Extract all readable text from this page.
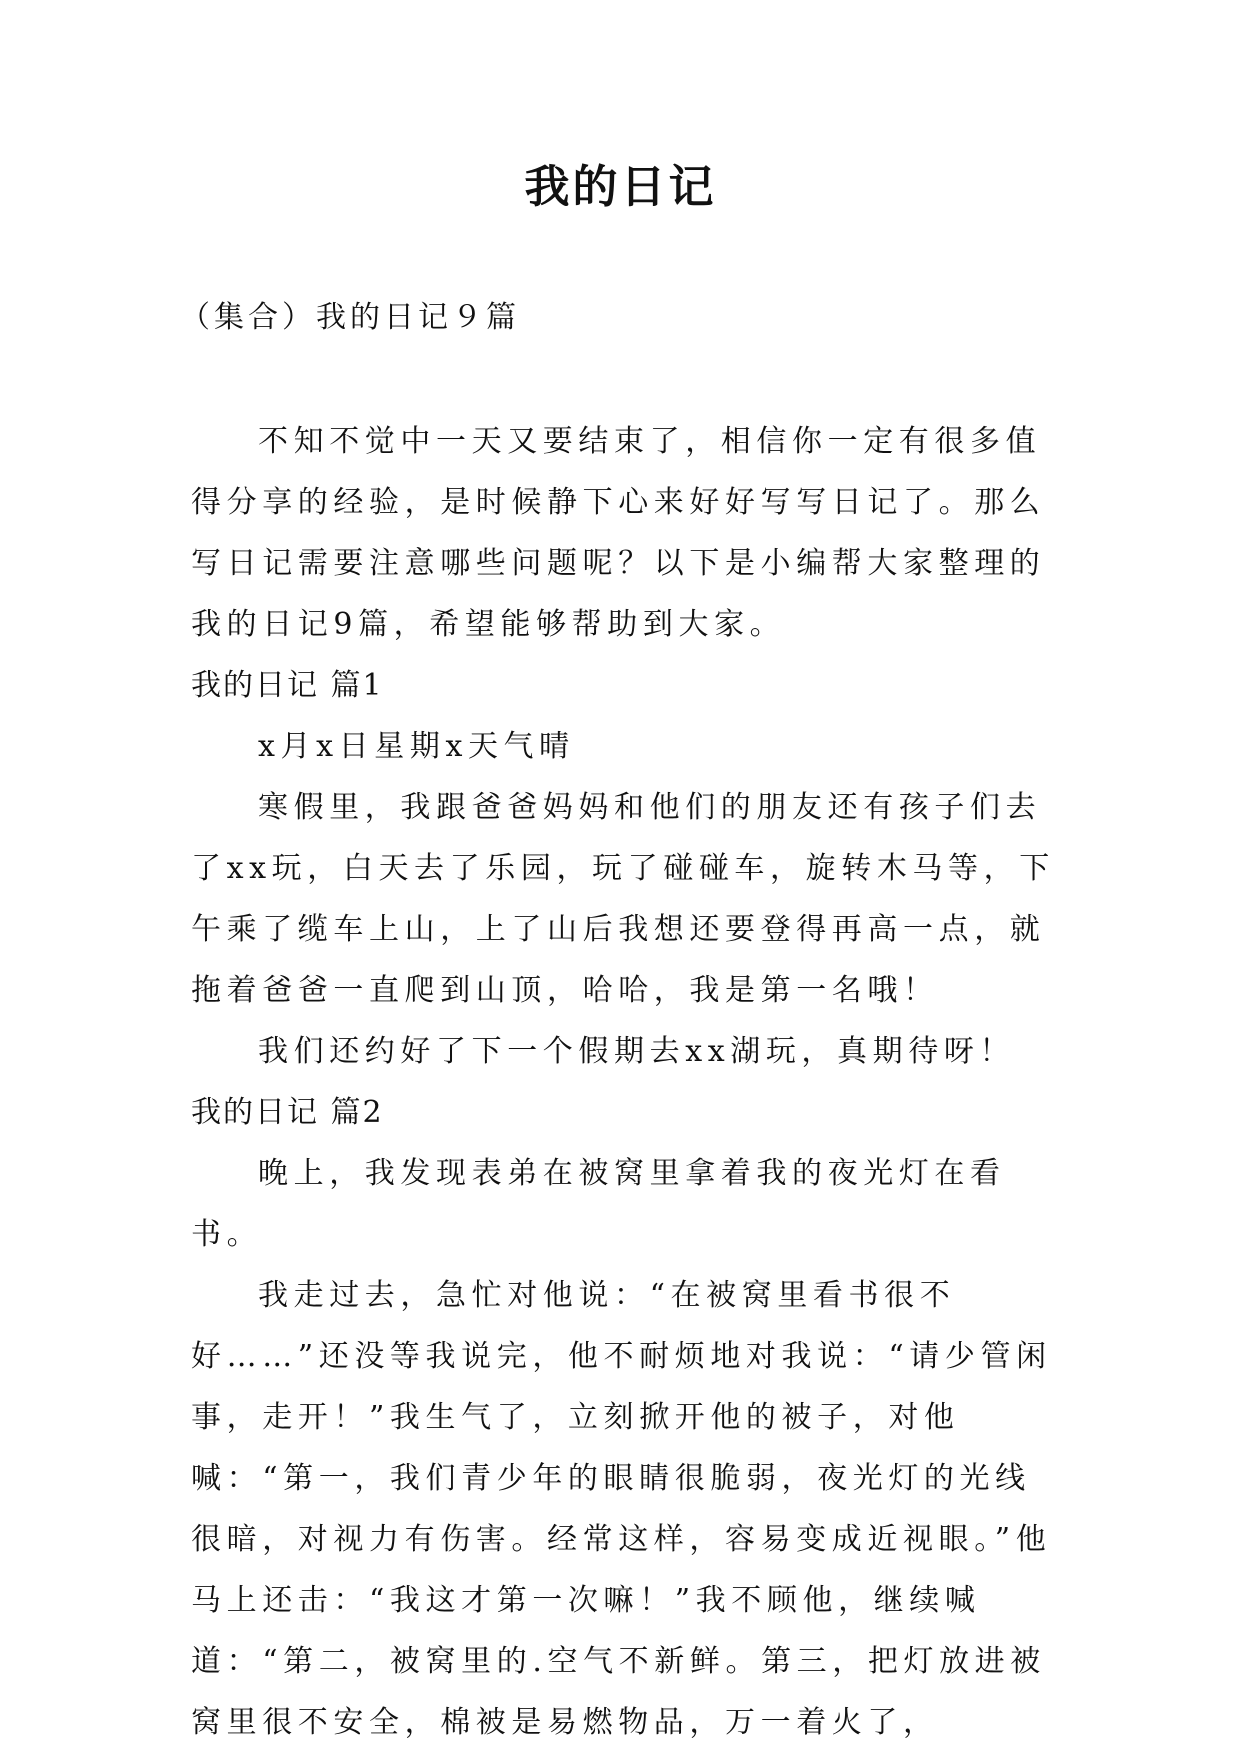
我的日记
（集合）我的日记９篇

不知不觉中一天又要结束了，相信你一定有很多值得分享的经验，是时候静下心来好好写写日记了。那么写日记需要注意哪些问题呢？以下是小编帮大家整理的我的日记9篇，希望能够帮助到大家。

我的日记 篇1

x月x日星期x天气晴

寒假里，我跟爸爸妈妈和他们的朋友还有孩子们去了xx玩，白天去了乐园，玩了碰碰车，旋转木马等，下午乘了缆车上山，上了山后我想还要登得再高一点，就拖着爸爸一直爬到山顶，哈哈，我是第一名哦！

我们还约好了下一个假期去xx湖玩，真期待呀！

我的日记 篇2

晚上，我发现表弟在被窝里拿着我的夜光灯在看书。

我走过去，急忙对他说：“在被窝里看书很不好……”还没等我说完，他不耐烦地对我说：“请少管闲事，走开！”我生气了，立刻掀开他的被子，对他喊：“第一，我们青少年的眼睛很脆弱，夜光灯的光线很暗，对视力有伤害。经常这样，容易变成近视眼。”他马上还击：“我这才第一次嘛！”我不顾他，继续喊道：“第二，被窝里的.空气不新鲜。第三，把灯放进被窝里很不安全，棉被是易燃物品，万一着火了，
